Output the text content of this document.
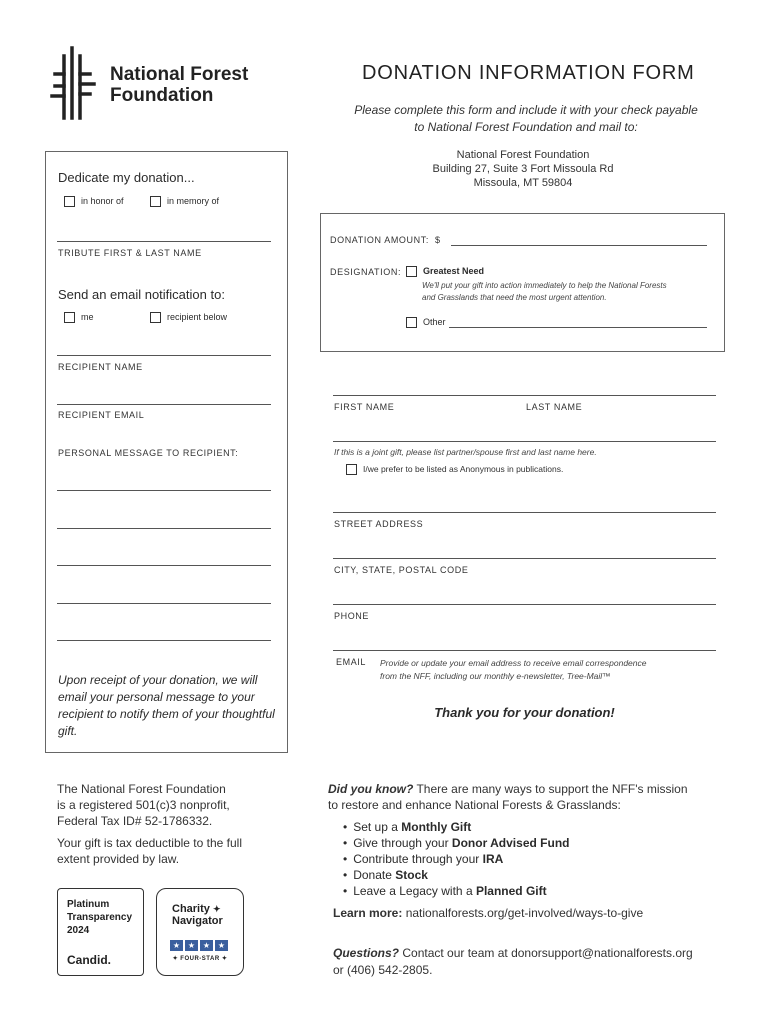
National Forest
Foundation
DONATION INFORMATION FORM
Please complete this form and include it with your check payable
to National Forest Foundation and mail to:
National Forest Foundation
Building 27, Suite 3 Fort Missoula Rd
Missoula, MT 59804
Dedicate my donation...
in honor of	in memory of
TRIBUTE FIRST & LAST NAME
Send an email notification to:
me	recipient below
RECIPIENT NAME
RECIPIENT EMAIL
PERSONAL MESSAGE TO RECIPIENT:
Upon receipt of your donation, we will email your personal message to your recipient to notify them of your thoughtful gift.
DONATION AMOUNT: $
DESIGNATION:	Greatest Need
We'll put your gift into action immediately to help the National Forests
and Grasslands that need the most urgent attention.
Other
FIRST NAME	LAST NAME
If this is a joint gift, please list partner/spouse first and last name here.
I/we prefer to be listed as Anonymous in publications.
STREET ADDRESS
CITY, STATE, POSTAL CODE
PHONE
EMAIL Provide or update your email address to receive email correspondence
from the NFF, including our monthly e-newsletter, Tree-Mail™
Thank you for your donation!
The National Forest Foundation
is a registered 501(c)3 nonprofit,
Federal Tax ID# 52-1786332.
Your gift is tax deductible to the full
extent provided by law.
Platinum
Transparency
2024
Candid.
Charity ✦
Navigator
★ ★ ★ ★
✦ FOUR-STAR ✦
Did you know? There are many ways to support the NFF's mission
to restore and enhance National Forests & Grasslands:
• Set up a Monthly Gift
• Give through your Donor Advised Fund
• Contribute through your IRA
• Donate Stock
• Leave a Legacy with a Planned Gift
Learn more: nationalforests.org/get-involved/ways-to-give
Questions? Contact our team at donorsupport@nationalforests.org
or (406) 542-2805.
